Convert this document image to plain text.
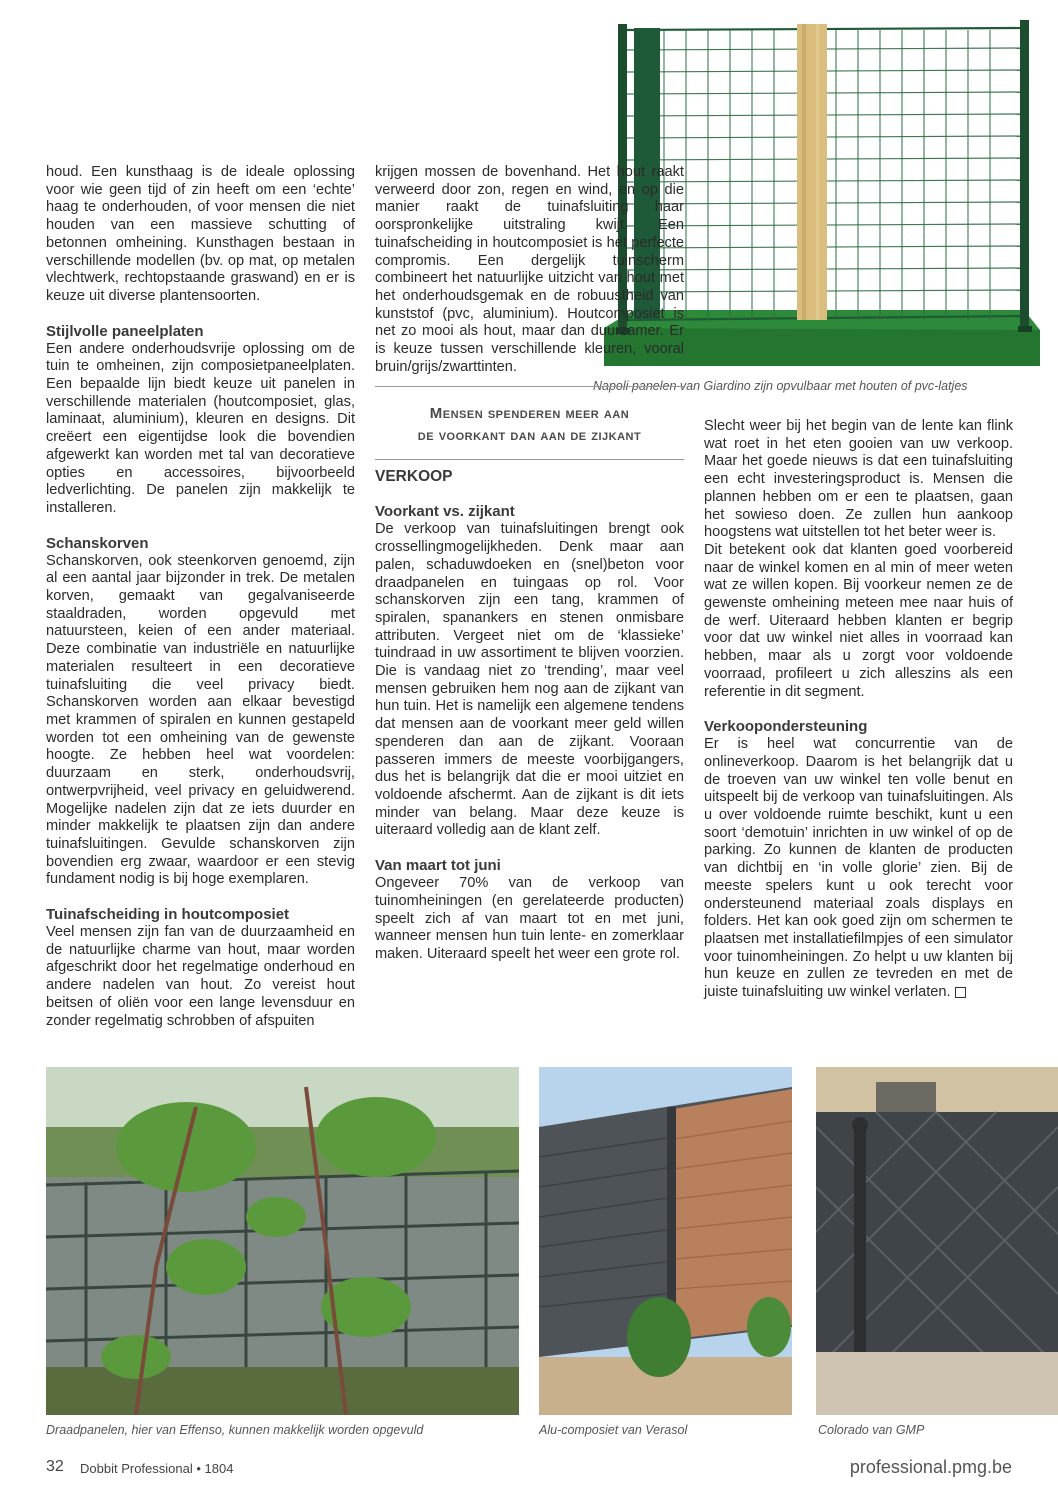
Napoli panelen van Giardino zijn opvulbaar met houten of pvc-latjes

houd. Een kunsthaag is de ideale oplossing voor wie geen tijd of zin heeft om een ‘echte’ haag te onderhouden, of voor mensen die niet houden van een massieve schutting of betonnen omheining. Kunsthagen bestaan in verschillende modellen (bv. op mat, op metalen vlechtwerk, rechtopstaande graswand) en er is keuze uit diverse plantensoorten.

Stijlvolle paneelplaten

Een andere onderhoudsvrije oplossing om de tuin te omheinen, zijn composietpaneelplaten. Een bepaalde lijn biedt keuze uit panelen in verschillende materialen (houtcomposiet, glas, laminaat, aluminium), kleuren en designs. Dit creëert een eigentijdse look die bovendien afgewerkt kan worden met tal van decoratieve opties en accessoires, bijvoorbeeld ledverlichting. De panelen zijn makkelijk te installeren.

Schanskorven

Schanskorven, ook steenkorven genoemd, zijn al een aantal jaar bijzonder in trek. De metalen korven, gemaakt van gegalvaniseerde staaldraden, worden opgevuld met natuursteen, keien of een ander materiaal. Deze combinatie van industriële en natuurlijke materialen resulteert in een decoratieve tuinafsluiting die veel privacy biedt. Schanskorven worden aan elkaar bevestigd met krammen of spiralen en kunnen gestapeld worden tot een omheining van de gewenste hoogte. Ze hebben heel wat voordelen: duurzaam en sterk, onderhoudsvrij, ontwerpvrijheid, veel privacy en geluidwerend. Mogelijke nadelen zijn dat ze iets duurder en minder makkelijk te plaatsen zijn dan andere tuinafsluitingen. Gevulde schanskorven zijn bovendien erg zwaar, waardoor er een stevig fundament nodig is bij hoge exemplaren.

Tuinafscheiding in houtcomposiet

Veel mensen zijn fan van de duurzaamheid en de natuurlijke charme van hout, maar worden afgeschrikt door het regelmatige onderhoud en andere nadelen van hout. Zo vereist hout beitsen of oliën voor een lange levensduur en zonder regelmatig schrobben of afspuiten

krijgen mossen de bovenhand. Het hout raakt verweerd door zon, regen en wind, en op die manier raakt de tuinafsluiting haar oorspronkelijke uitstraling kwijt. Een tuinafscheiding in houtcomposiet is het perfecte compromis. Een dergelijk tuinscherm combineert het natuurlijke uitzicht van hout met het onderhoudsgemak en de robuustheid van kunststof (pvc, aluminium). Houtcomposiet is net zo mooi als hout, maar dan duurzamer. Er is keuze tussen verschillende kleuren, vooral bruin/grijs/zwarttinten.

Mensen spenderen meer aan
de voorkant dan aan de zijkant
VERKOOP
Voorkant vs. zijkant

De verkoop van tuinafsluitingen brengt ook crossellingmogelijkheden. Denk maar aan palen, schaduwdoeken en (snel)beton voor draadpanelen en tuingaas op rol. Voor schanskorven zijn een tang, krammen of spiralen, spanankers en stenen onmisbare attributen. Vergeet niet om de ‘klassieke’ tuindraad in uw assortiment te blijven voorzien. Die is vandaag niet zo ‘trending’, maar veel mensen gebruiken hem nog aan de zijkant van hun tuin. Het is namelijk een algemene tendens dat mensen aan de voorkant meer geld willen spenderen dan aan de zijkant. Vooraan passeren immers de meeste voorbijgangers, dus het is belangrijk dat die er mooi uitziet en voldoende afschermt. Aan de zijkant is dit iets minder van belang. Maar deze keuze is uiteraard volledig aan de klant zelf.

Van maart tot juni

Ongeveer 70% van de verkoop van tuinomheiningen (en gerelateerde producten) speelt zich af van maart tot en met juni, wanneer mensen hun tuin lente- en zomerklaar maken. Uiteraard speelt het weer een grote rol.

Slecht weer bij het begin van de lente kan flink wat roet in het eten gooien van uw verkoop. Maar het goede nieuws is dat een tuinafsluiting een echt investeringsproduct is. Mensen die plannen hebben om er een te plaatsen, gaan het sowieso doen. Ze zullen hun aankoop hoogstens wat uitstellen tot het beter weer is.

Dit betekent ook dat klanten goed voorbereid naar de winkel komen en al min of meer weten wat ze willen kopen. Bij voorkeur nemen ze de gewenste omheining meteen mee naar huis of de werf. Uiteraard hebben klanten er begrip voor dat uw winkel niet alles in voorraad kan hebben, maar als u zorgt voor voldoende voorraad, profileert u zich alleszins als een referentie in dit segment.

Verkoopondersteuning

Er is heel wat concurrentie van de onlineverkoop. Daarom is het belangrijk dat u de troeven van uw winkel ten volle benut en uitspeelt bij de verkoop van tuinafsluitingen. Als u over voldoende ruimte beschikt, kunt u een soort ‘demotuin’ inrichten in uw winkel of op de parking. Zo kunnen de klanten de producten van dichtbij en ‘in volle glorie’ zien. Bij de meeste spelers kunt u ook terecht voor ondersteunend materiaal zoals displays en folders. Het kan ook goed zijn om schermen te plaatsen met installatiefilmpjes of een simulator voor tuinomheiningen. Zo helpt u uw klanten bij hun keuze en zullen ze tevreden en met de juiste tuinafsluiting uw winkel verlaten.

Draadpanelen, hier van Effenso, kunnen makkelijk worden opgevuld	Alu-composiet van Verasol	Colorado van GMP
32 Dobbit Professional • 1804	professional.pmg.be
